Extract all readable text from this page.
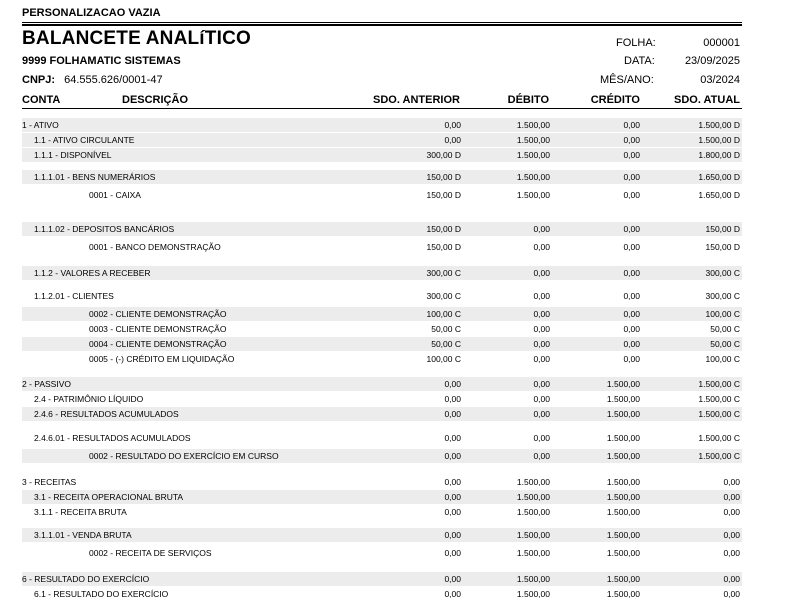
PERSONALIZACAO VAZIA
BALANCETE ANALíTICO
9999 FOLHAMATIC SISTEMAS
CNPJ: 64.555.626/0001-47
FOLHA:	000001
DATA:	23/09/2025
MÊS/ANO:	03/2024
CONTA	DESCRIÇÃO	SDO. ANTERIOR	DÉBITO	CRÉDITO	SDO. ATUAL
1 - ATIVO	0,00	1.500,00	0,00	1.500,00 D
1.1 - ATIVO CIRCULANTE	0,00	1.500,00	0,00	1.500,00 D
1.1.1 - DISPONÍVEL	300,00 D	1.500,00	0,00	1.800,00 D
1.1.1.01 - BENS NUMERÁRIOS	150,00 D	1.500,00	0,00	1.650,00 D
0001 - CAIXA	150,00 D	1.500,00	0,00	1.650,00 D
1.1.1.02 - DEPOSITOS BANCÁRIOS	150,00 D	0,00	0,00	150,00 D
0001 - BANCO DEMONSTRAÇÃO	150,00 D	0,00	0,00	150,00 D
1.1.2 - VALORES A RECEBER	300,00 C	0,00	0,00	300,00 C
1.1.2.01 - CLIENTES	300,00 C	0,00	0,00	300,00 C
0002 - CLIENTE DEMONSTRAÇÃO	100,00 C	0,00	0,00	100,00 C
0003 - CLIENTE DEMONSTRAÇÃO	50,00 C	0,00	0,00	50,00 C
0004 - CLIENTE DEMONSTRAÇÃO	50,00 C	0,00	0,00	50,00 C
0005 - (-) CRÉDITO EM LIQUIDAÇÃO	100,00 C	0,00	0,00	100,00 C
2 - PASSIVO	0,00	0,00	1.500,00	1.500,00 C
2.4 - PATRIMÔNIO LÍQUIDO	0,00	0,00	1.500,00	1.500,00 C
2.4.6 - RESULTADOS ACUMULADOS	0,00	0,00	1.500,00	1.500,00 C
2.4.6.01 - RESULTADOS ACUMULADOS	0,00	0,00	1.500,00	1.500,00 C
0002 - RESULTADO DO EXERCÍCIO EM CURSO	0,00	0,00	1.500,00	1.500,00 C
3 - RECEITAS	0,00	1.500,00	1.500,00	0,00
3.1 - RECEITA OPERACIONAL BRUTA	0,00	1.500,00	1.500,00	0,00
3.1.1 - RECEITA BRUTA	0,00	1.500,00	1.500,00	0,00
3.1.1.01 - VENDA BRUTA	0,00	1.500,00	1.500,00	0,00
0002 - RECEITA DE SERVIÇOS	0,00	1.500,00	1.500,00	0,00
6 - RESULTADO DO EXERCÍCIO	0,00	1.500,00	1.500,00	0,00
6.1 - RESULTADO DO EXERCÍCIO	0,00	1.500,00	1.500,00	0,00
